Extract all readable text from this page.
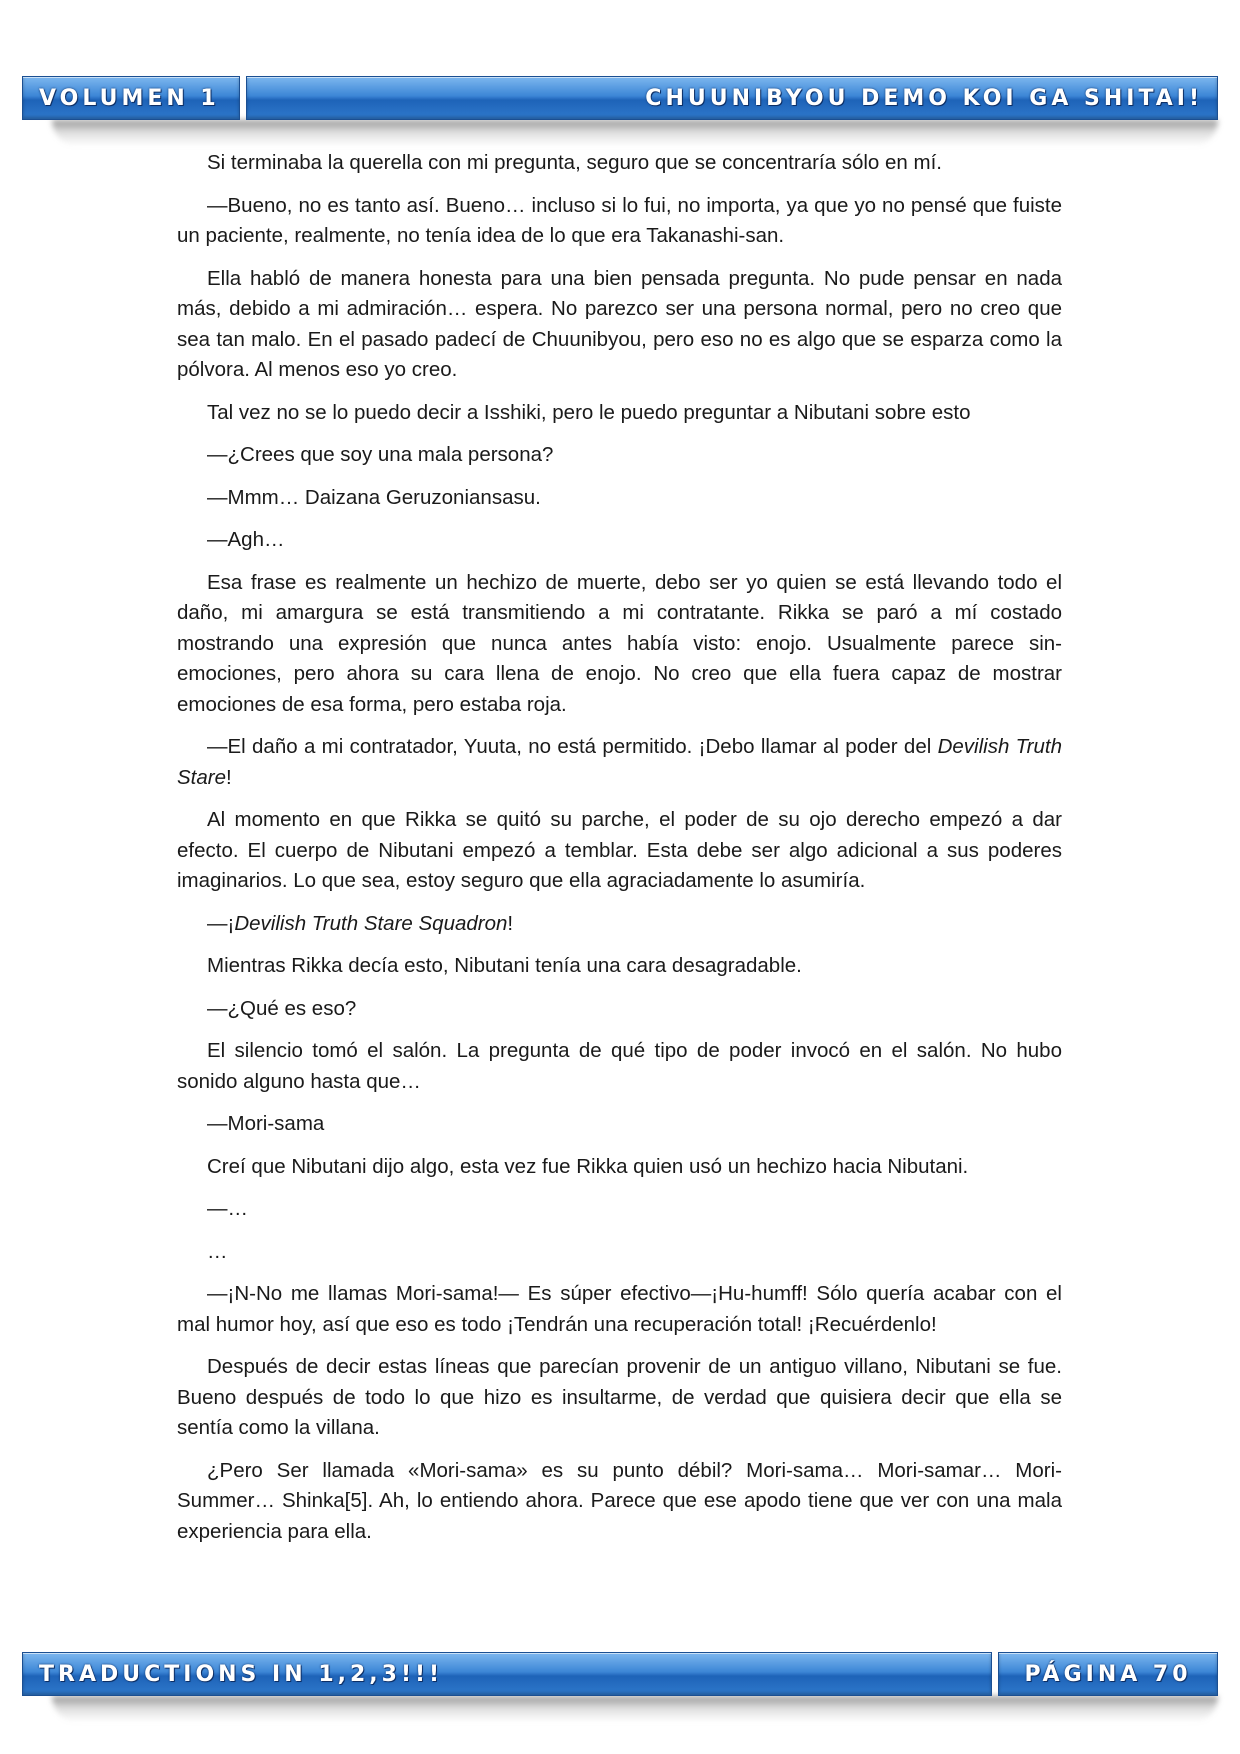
VOLUMEN 1	CHUUNIBYOU DEMO KOI GA SHITAI!

Si terminaba la querella con mi pregunta, seguro que se concentraría sólo en mí.

—Bueno, no es tanto así. Bueno… incluso si lo fui, no importa, ya que yo no pensé que fuiste un paciente, realmente, no tenía idea de lo que era Takanashi-san.

Ella habló de manera honesta para una bien pensada pregunta. No pude pensar en nada más, debido a mi admiración… espera. No parezco ser una persona normal, pero no creo que sea tan malo. En el pasado padecí de Chuunibyou, pero eso no es algo que se esparza como la pólvora. Al menos eso yo creo.

Tal vez no se lo puedo decir a Isshiki, pero le puedo preguntar a Nibutani sobre esto

—¿Crees que soy una mala persona?

—Mmm… Daizana Geruzoniansasu.

—Agh…

Esa frase es realmente un hechizo de muerte, debo ser yo quien se está llevando todo el daño, mi amargura se está transmitiendo a mi contratante. Rikka se paró a mí costado mostrando una expresión que nunca antes había visto: enojo. Usualmente parece sin-emociones, pero ahora su cara llena de enojo. No creo que ella fuera capaz de mostrar emociones de esa forma, pero estaba roja.

—El daño a mi contratador, Yuuta, no está permitido. ¡Debo llamar al poder del Devilish Truth Stare!

Al momento en que Rikka se quitó su parche, el poder de su ojo derecho empezó a dar efecto. El cuerpo de Nibutani empezó a temblar. Esta debe ser algo adicional a sus poderes imaginarios. Lo que sea, estoy seguro que ella agraciadamente lo asumiría.

—¡Devilish Truth Stare Squadron!

Mientras Rikka decía esto, Nibutani tenía una cara desagradable.

—¿Qué es eso?

El silencio tomó el salón. La pregunta de qué tipo de poder invocó en el salón. No hubo sonido alguno hasta que…

—Mori-sama

Creí que Nibutani dijo algo, esta vez fue Rikka quien usó un hechizo hacia Nibutani.

—…

…

—¡N-No me llamas Mori-sama!— Es súper efectivo—¡Hu-humff! Sólo quería acabar con el mal humor hoy, así que eso es todo ¡Tendrán una recuperación total! ¡Recuérdenlo!

Después de decir estas líneas que parecían provenir de un antiguo villano, Nibutani se fue. Bueno después de todo lo que hizo es insultarme, de verdad que quisiera decir que ella se sentía como la villana.

¿Pero Ser llamada «Mori-sama» es su punto débil? Mori-sama… Mori-samar… Mori-Summer… Shinka[5]. Ah, lo entiendo ahora. Parece que ese apodo tiene que ver con una mala experiencia para ella.

TRADUCTIONS IN 1,2,3!!!	PÁGINA 70
